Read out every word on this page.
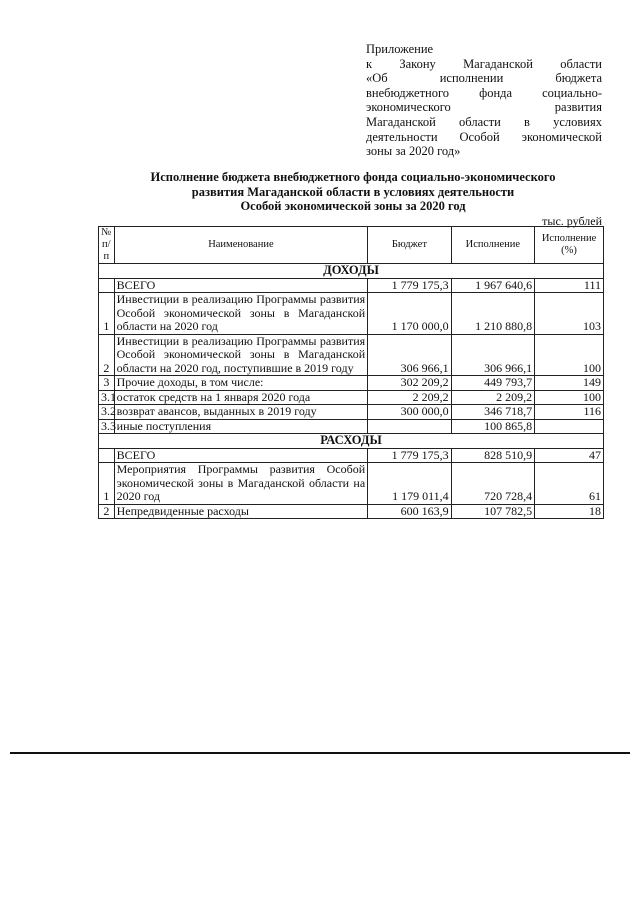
Приложение
к Закону Магаданской области
«Об исполнении бюджета
внебюджетного фонда социально-
экономического развития
Магаданской области в условиях
деятельности Особой экономической
зоны за 2020 год»
Исполнение бюджета внебюджетного фонда социально-экономического
развития Магаданской области в условиях деятельности
Особой экономической зоны за 2020 год
тыс. рублей
№ п/п	Наименование	Бюджет	Исполнение	Исполнение (%)
ДОХОДЫ				
	ВСЕГО	1 779 175,3	1 967 640,6	111
1	Инвестиции в реализацию Программы развития Особой экономической зоны в Магаданской области на 2020 год	1 170 000,0	1 210 880,8	103
2	Инвестиции в реализацию Программы развития Особой экономической зоны в Магаданской области на 2020 год, поступившие в 2019 году	306 966,1	306 966,1	100
3	Прочие доходы, в том числе:	302 209,2	449 793,7	149
3.1	остаток средств на 1 января 2020 года	2 209,2	2 209,2	100
3.2	возврат авансов, выданных в 2019 году	300 000,0	346 718,7	116
3.3	иные поступления		100 865,8	
РАСХОДЫ				
	ВСЕГО	1 779 175,3	828 510,9	47
1	Мероприятия Программы развития Особой экономической зоны в Магаданской области на 2020 год	1 179 011,4	720 728,4	61
2	Непредвиденные расходы	600 163,9	107 782,5	18
